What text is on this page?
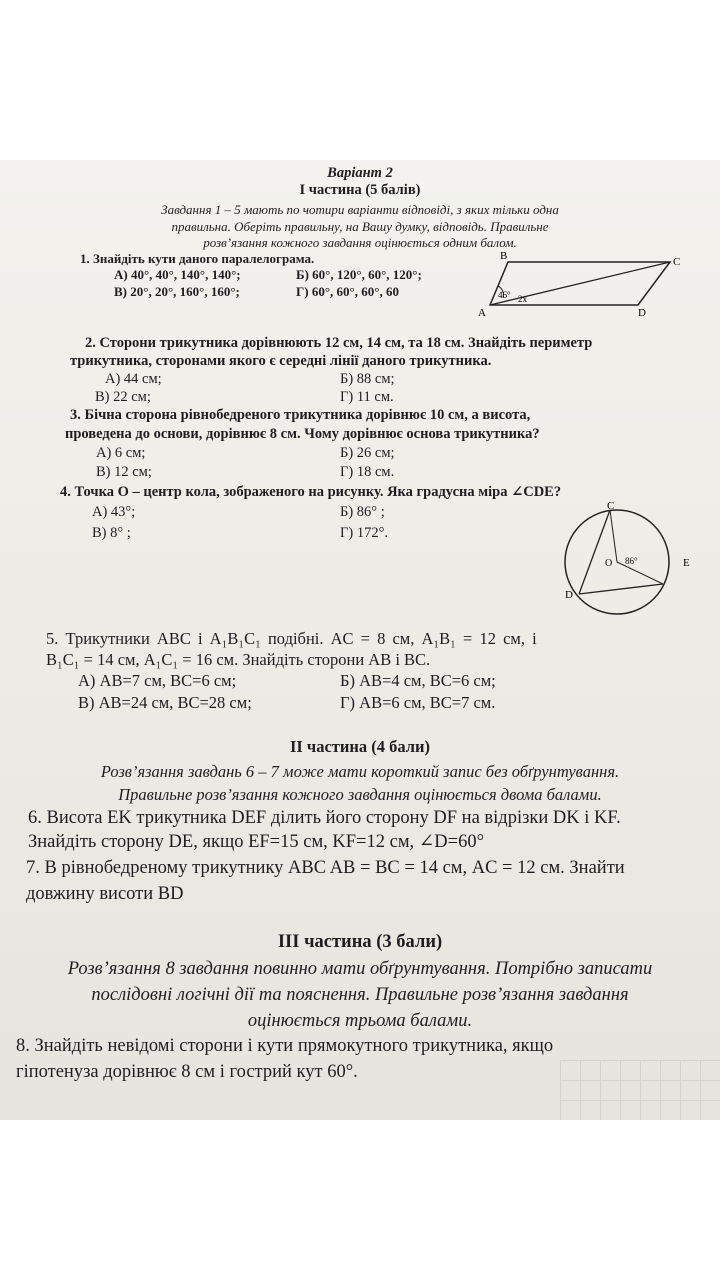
Варіант 2
I частина (5 балів)
Завдання 1 – 5 мають по чотири варіанти відповіді, з яких тільки одна
правильна. Оберіть правильну, на Вашу думку, відповідь. Правильне
розв’язання кожного завдання оцінюється одним балом.
1. Знайдіть кути даного паралелограма.
А) 40°, 40°, 140°, 140°;	Б) 60°, 120°, 60°, 120°;
В) 20°, 20°, 160°, 160°;	Г) 60°, 60°, 60°, 60
B	C
A	D
46° 2x
2. Сторони трикутника дорівнюють 12 см, 14 см, та 18 см. Знайдіть периметр
трикутника, сторонами якого є середні лінії даного трикутника.
А) 44 см;	Б) 88 см;
В) 22 см;	Г) 11 см.
3. Бічна сторона рівнобедреного трикутника дорівнює 10 см, а висота,
проведена до основи, дорівнює 8 см. Чому дорівнює основа трикутника?
А) 6 см;	Б) 26 см;
В) 12 см;	Г) 18 см.
4. Точка О – центр кола, зображеного на рисунку. Яка градусна міра ∠CDE?
А) 43°;	Б) 86° ;
В) 8° ;	Г) 172°.
C
O 86°	E
D
5. Трикутники ABC і A₁B₁C₁ подібні. AC = 8 см, A₁B₁ = 12 см, і
B₁C₁ = 14 см, A₁C₁ = 16 см. Знайдіть сторони AB і BC.
А) AB=7 см, BC=6 см;	Б) AB=4 см, BC=6 см;
В) AB=24 см, BC=28 см;	Г) AB=6 см, BC=7 см.
II частина (4 бали)
Розв’язання завдань 6 – 7 може мати короткий запис без обґрунтування.
Правильне розв’язання кожного завдання оцінюється двома балами.
6. Висота EK трикутника DEF ділить його сторону DF на відрізки DK і KF.
Знайдіть сторону DE, якщо EF=15 см, KF=12 см, ∠D=60°
7. В рівнобедреному трикутнику ABC AB = BC = 14 см, AC = 12 см. Знайти
довжину висоти BD
III частина (3 бали)
Розв’язання 8 завдання повинно мати обґрунтування. Потрібно записати
послідовні логічні дії та пояснення. Правильне розв’язання завдання
оцінюється трьома балами.
8. Знайдіть невідомі сторони і кути прямокутного трикутника, якщо
гіпотенуза дорівнює 8 см і гострий кут 60°.
